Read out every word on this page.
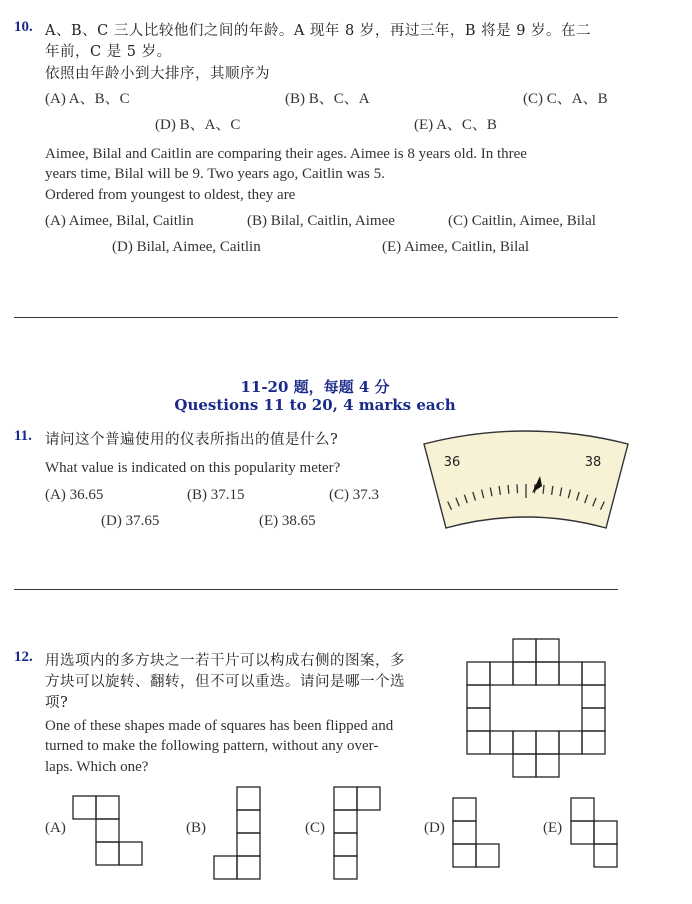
10. A、B、C 三人比较他们之间的年龄。A 现年 8 岁，再过三年，B 将是 9 岁。在二
年前，C 是 5 岁。
依照由年龄小到大排序，其顺序为
(A) A、B、C	(B) B、C、A	(C) C、A、B
(D) B、A、C	(E) A、C、B
Aimee, Bilal and Caitlin are comparing their ages. Aimee is 8 years old. In three
years time, Bilal will be 9. Two years ago, Caitlin was 5.
Ordered from youngest to oldest, they are
(A) Aimee, Bilal, Caitlin	(B) Bilal, Caitlin, Aimee	(C) Caitlin, Aimee, Bilal
(D) Bilal, Aimee, Caitlin	(E) Aimee, Caitlin, Bilal
11-20 题，每题 4 分
Questions 11 to 20, 4 marks each
11. 请问这个普遍使用的仪表所指出的值是什么?
What value is indicated on this popularity meter?
(A) 36.65	(B) 37.15	(C) 37.3
(D) 37.65	(E) 38.65
36	38
12. 用选项内的多方块之一若干片可以构成右侧的图案，多
方块可以旋转、翻转，但不可以重迭。请问是哪一个选
项?
One of these shapes made of squares has been flipped and
turned to make the following pattern, without any over-
laps. Which one?
(A)	(B)	(C)	(D)	(E)
